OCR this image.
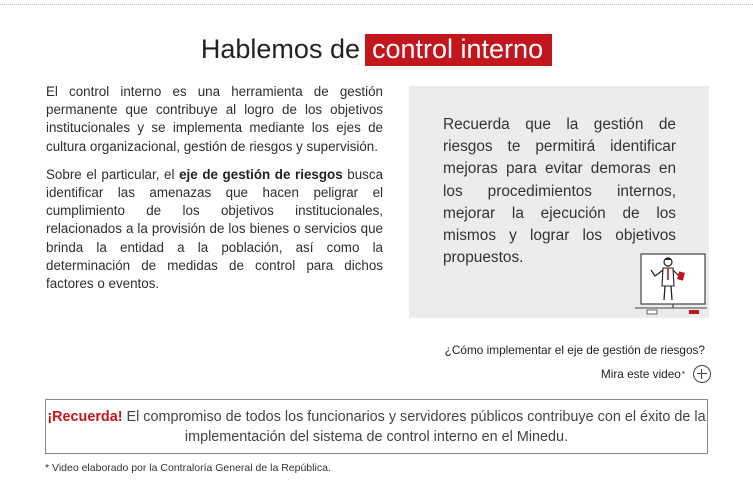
Hablemos de control interno

El control interno es una herramienta de gestión permanente que contribuye al logro de los objetivos institucionales y se implementa mediante los ejes de cultura organizacional, gestión de riesgos y supervisión.

Sobre el particular, el eje de gestión de riesgos busca identificar las amenazas que hacen peligrar el cumplimiento de los objetivos institucionales, relacionados a la provisión de los bienes o servicios que brinda la entidad a la población, así como la determinación de medidas de control para dichos factores o eventos.

Recuerda que la gestión de riesgos te permitirá identificar mejoras para evitar demoras en los procedimientos internos, mejorar la ejecución de los mismos y lograr los objetivos propuestos.
¿Cómo implementar el eje de gestión de riesgos?
Mira este video *
¡Recuerda! El compromiso de todos los funcionarios y servidores públicos contribuye con el éxito de la implementación del sistema de control interno en el Minedu.
* Video elaborado por la Contraloría General de la República.
